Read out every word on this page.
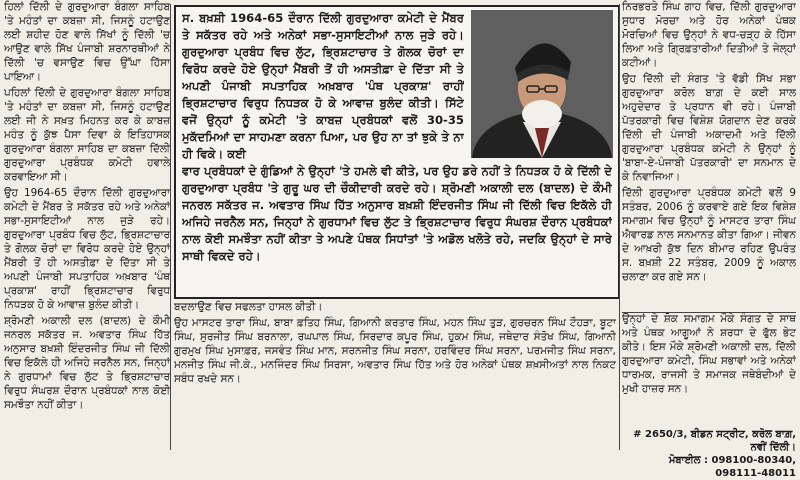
ਹਿਲਾਂ ਦਿੱਲੀ ਦੇ ਗੁਰਦੁਆਰਾ ਬੰਗਲਾ ਸਾਹਿਬ 'ਤੇ ਮਹੰਤਾਂ ਦਾ ਕਬਜ਼ਾ ਸੀ, ਜਿਸਨੂੰ ਹਟਾਉਣ ਲਈ ਸ਼ਹੀਦ ਹੋਣ ਵਾਲੇ ਸਿੱਖਾਂ ਨੂੰ ਦਿੱਲੀ 'ਚ ਆਉਣ ਵਾਲੇ ਸਿੱਖ ਪੰਜਾਬੀ ਸ਼ਰਨਾਰਥੀਆਂ ਨੇ ਦਿੱਲੀ 'ਚ ਵਸਾਉਣ ਵਿਚ ਉੱਘਾ ਹਿੱਸਾ ਪਾਇਆ।

ਪਹਿਲਾਂ ਦਿੱਲੀ ਦੇ ਗੁਰਦੁਆਰਾ ਬੰਗਲਾ ਸਾਹਿਬ 'ਤੇ ਮਹੰਤਾਂ ਦਾ ਕਬਜ਼ਾ ਸੀ, ਜਿਸਨੂੰ ਹਟਾਉਣ ਲਈ ਜੀ ਨੇ ਸਖ਼ਤ ਮਿਹਨਤ ਕਰ ਕੇ ਕਾਬਜ਼ ਮਹੰਤ ਨੂੰ ਕੁੱਝ ਪੈਸਾ ਦਿਵਾ ਕੇ ਇਤਿਹਾਸਕ ਗੁਰਦੁਆਰਾ ਬੰਗਲਾ ਸਾਹਿਬ ਦਾ ਕਬਜ਼ਾ ਦਿੱਲੀ ਗੁਰਦੁਆਰਾ ਪ੍ਰਬੰਧਕ ਕਮੇਟੀ ਹਵਾਲੇ ਕਰਵਾਇਆ ਸੀ।

ਉਹ 1964-65 ਦੌਰਾਨ ਦਿੱਲੀ ਗੁਰਦੁਆਰਾ ਕਮੇਟੀ ਦੇ ਮੈਂਬਰ ਤੇ ਸਕੱਤਰ ਰਹੇ ਅਤੇ ਅਨੇਕਾਂ ਸਭਾ-ਸੁਸਾਇਟੀਆਂ ਨਾਲ ਜੁੜੇ ਰਹੇ। ਗੁਰਦੁਆਰਾ ਪ੍ਰਬੰਧ ਵਿਚ ਲੁੱਟ, ਭ੍ਰਿਸ਼ਟਾਚਾਰ ਤੇ ਗੋਲਕ ਚੋਰਾਂ ਦਾ ਵਿਰੋਧ ਕਰਦੇ ਹੋਏ ਉਨ੍ਹਾਂ ਮੈਂਬਰੀ ਤੋਂ ਹੀ ਅਸਤੀਫ਼ਾ ਦੇ ਦਿੱਤਾ ਸੀ ਤੇ ਅਪਣੀ ਪੰਜਾਬੀ ਸਪਤਾਹਿਕ ਅਖ਼ਬਾਰ 'ਪੰਥ ਪ੍ਰਕਾਸ਼' ਰਾਹੀਂ ਭ੍ਰਿਸ਼ਟਾਚਾਰ ਵਿਰੁਧ ਨਿਧੜਕ ਹੋ ਕੇ ਆਵਾਜ਼ ਬੁਲੰਦ ਕੀਤੀ।

ਸ਼੍ਰੋਮਣੀ ਅਕਾਲੀ ਦਲ (ਬਾਦਲ) ਦੇ ਕੌਮੀ ਜਨਰਲ ਸਕੱਤਰ ਜ. ਅਵਤਾਰ ਸਿੰਘ ਹਿੱਤ ਅਨੁਸਾਰ ਬਖ਼ਸ਼ੀ ਇੰਦਰਜੀਤ ਸਿੰਘ ਜੀ ਦਿੱਲੀ ਵਿਚ ਇਕੱਲੇ ਹੀ ਅਜਿਹੇ ਜਰਨੈਲ ਸਨ, ਜਿਨ੍ਹਾਂ ਨੇ ਗੁਰਧਾਮਾਂ ਵਿਚ ਲੁੱਟ ਤੇ ਭ੍ਰਿਸ਼ਟਾਚਾਰ ਵਿਰੁਧ ਸੰਘਰਸ਼ ਦੌਰਾਨ ਪ੍ਰਬੰਧਕਾਂ ਨਾਲ ਕੋਈ ਸਮਝੌਤਾ ਨਹੀਂ ਕੀਤਾ।

ਸ. ਬਖ਼ਸ਼ੀ 1964-65 ਦੌਰਾਨ ਦਿੱਲੀ ਗੁਰਦੁਆਰਾ ਕਮੇਟੀ ਦੇ ਮੈਂਬਰ ਤੇ ਸਕੱਤਰ ਰਹੇ ਅਤੇ ਅਨੇਕਾਂ ਸਭਾ-ਸੁਸਾਇਟੀਆਂ ਨਾਲ ਜੁੜੇ ਰਹੇ। ਗੁਰਦੁਆਰਾ ਪ੍ਰਬੰਧ ਵਿਚ ਲੁੱਟ, ਭ੍ਰਿਸ਼ਟਾਚਾਰ ਤੇ ਗੋਲਕ ਚੋਰਾਂ ਦਾ ਵਿਰੋਧ ਕਰਦੇ ਹੋਏ ਉਨ੍ਹਾਂ ਮੈਂਬਰੀ ਤੋਂ ਹੀ ਅਸਤੀਫ਼ਾ ਦੇ ਦਿੱਤਾ ਸੀ ਤੇ ਅਪਣੀ ਪੰਜਾਬੀ ਸਪਤਾਹਿਕ ਅਖ਼ਬਾਰ 'ਪੰਥ ਪ੍ਰਕਾਸ਼' ਰਾਹੀਂ ਭ੍ਰਿਸ਼ਟਾਚਾਰ ਵਿਰੁਧ ਨਿਧੜਕ ਹੋ ਕੇ ਆਵਾਜ਼ ਬੁਲੰਦ ਕੀਤੀ। ਸਿੱਟੇ ਵਜੋਂ ਉਨ੍ਹਾਂ ਨੂੰ ਕਮੇਟੀ 'ਤੇ ਕਾਬਜ਼ ਪ੍ਰਬੰਧਕਾਂ ਵਲੋਂ 30-35 ਮੁਕੱਦਮਿਆਂ ਦਾ ਸਾਹਮਣਾ ਕਰਨਾ ਪਿਆ, ਪਰ ਉਹ ਨਾ ਤਾਂ ਝੁਕੇ ਤੇ ਨਾ ਹੀ ਵਿਕੇ। ਕਈ
ਵਾਰ ਪ੍ਰਬੰਧਕਾਂ ਦੇ ਗੁੰਡਿਆਂ ਨੇ ਉਨ੍ਹਾਂ 'ਤੇ ਹਮਲੇ ਵੀ ਕੀਤੇ, ਪਰ ਉਹ ਡਰੇ ਨਹੀਂ ਤੇ ਨਿਧੜਕ ਹੋ ਕੇ ਦਿੱਲੀ ਦੇ ਗੁਰਦੁਆਰਾ ਪ੍ਰਬੰਧ 'ਤੇ ਗੁਰੂ ਘਰ ਦੀ ਚੌਕੀਦਾਰੀ ਕਰਦੇ ਰਹੇ। ਸ਼੍ਰੋਮਣੀ ਅਕਾਲੀ ਦਲ (ਬਾਦਲ) ਦੇ ਕੌਮੀ ਜਨਰਲ ਸਕੱਤਰ ਜ. ਅਵਤਾਰ ਸਿੰਘ ਹਿੱਤ ਅਨੁਸਾਰ ਬਖ਼ਸ਼ੀ ਇੰਦਰਜੀਤ ਸਿੰਘ ਜੀ ਦਿੱਲੀ ਵਿਚ ਇਕੱਲੇ ਹੀ ਅਜਿਹੇ ਜਰਨੈਲ ਸਨ, ਜਿਨ੍ਹਾਂ ਨੇ ਗੁਰਧਾਮਾਂ ਵਿਚ ਲੁੱਟ ਤੇ ਭ੍ਰਿਸ਼ਟਾਚਾਰ ਵਿਰੁਧ ਸੰਘਰਸ਼ ਦੌਰਾਨ ਪ੍ਰਬੰਧਕਾਂ ਨਾਲ ਕੋਈ ਸਮਝੌਤਾ ਨਹੀਂ ਕੀਤਾ ਤੇ ਅਪਣੇ ਪੰਥਕ ਸਿਧਾਂਤਾਂ 'ਤੇ ਅਡੋਲ ਖਲੋਤੇ ਰਹੇ, ਜਦਕਿ ਉਨ੍ਹਾਂ ਦੇ ਸਾਰੇ ਸਾਥੀ ਵਿਕਦੇ ਰਹੇ।

ਬਦਲਾਉਣ ਵਿਚ ਸਫਲਤਾ ਹਾਸਲ ਕੀਤੀ।

ਉਹ ਮਾਸਟਰ ਤਾਰਾ ਸਿੰਘ, ਬਾਬਾ ਫ਼ਤਿਹ ਸਿੰਘ, ਗਿਆਨੀ ਕਰਤਾਰ ਸਿੰਘ, ਮਹਨ ਸਿੰਘ ਤੁੜ, ਗੁਰਚਰਨ ਸਿੰਘ ਟੌਹੜਾ, ਬੂਟਾ ਸਿੰਘ, ਸੁਰਜੀਤ ਸਿੰਘ ਬਰਨਾਲਾ, ਰਘਪਾਲ ਸਿੰਘ, ਸਿਰਦਾਰ ਕਪੂਰ ਸਿੰਘ, ਹੁਕਮ ਸਿੰਘ, ਜਥੇਦਾਰ ਸੰਤੋਖ ਸਿੰਘ, ਗਿਆਨੀ ਗੁਰਮੁਖ ਸਿੰਘ ਮੁਸਾਫ਼ਰ, ਜਸਵੰਤ ਸਿੰਘ ਮਾਨ, ਸਰਨਜੀਤ ਸਿੰਘ ਸਰਨਾ, ਹਰਵਿੰਦਰ ਸਿੰਘ ਸਰਨਾ, ਪਰਮਜੀਤ ਸਿੰਘ ਸਰਨਾ, ਮਨਜੀਤ ਸਿੰਘ ਜੀ.ਕੇ., ਮਨਜਿੰਦਰ ਸਿੰਘ ਸਿਰਸਾ, ਅਵਤਾਰ ਸਿੰਘ ਹਿੱਤ ਅਤੇ ਹੋਰ ਅਨੇਕਾਂ ਪੰਥਕ ਸ਼ਖ਼ਸੀਅਤਾਂ ਨਾਲ ਨਿਕਟ ਸਬੰਧ ਰਖਦੇ ਸਨ।

ਨਿਰਭਰਤੇ ਸਿੰਘ ਗਾਹ ਵਿਚ, ਦਿੱਲੀ ਗੁਰਦੁਆਰਾ ਸੁਧਾਰ ਮੋਰਚਾ ਅਤੇ ਹੋਰ ਅਨੇਕਾਂ ਪੰਥਕ ਮੋਰਚਿਆਂ ਵਿਚ ਉਨ੍ਹਾਂ ਨੇ ਵਧ-ਚੜ੍ਹ ਕੇ ਹਿੱਸਾ ਲਿਆ ਅਤੇ ਗ੍ਰਿਫ਼ਤਾਰੀਆਂ ਦਿਤੀਆਂ ਤੇ ਜੇਲ੍ਹਾਂ ਕਟੀਆਂ।

ਉਹ ਦਿੱਲੀ ਦੀ ਸੰਗਤ 'ਤੇ ਵੱਡੀ ਸਿੱਖ ਸਭਾ ਗੁਰਦੁਆਰਾ ਕਰੋਲ ਬਾਗ਼ ਦੇ ਕਈ ਸਾਲ ਅਹੁਦੇਦਾਰ ਤੇ ਪ੍ਰਧਾਨ ਵੀ ਰਹੇ। ਪੰਜਾਬੀ ਪੱਤਰਕਾਰੀ ਵਿਚ ਵਿਸ਼ੇਸ਼ ਯੋਗਦਾਨ ਦੇਣ ਕਰਕੇ ਦਿੱਲੀ ਦੀ ਪੰਜਾਬੀ ਅਕਾਦਮੀ ਅਤੇ ਦਿੱਲੀ ਗੁਰਦੁਆਰਾ ਪ੍ਰਬੰਧਕ ਕਮੇਟੀ ਨੇ ਉਨ੍ਹਾਂ ਨੂੰ 'ਬਾਬਾ-ਏ-ਪੰਜਾਬੀ ਪੱਤਰਕਾਰੀ' ਦਾ ਸਨਮਾਨ ਦੇ ਕੇ ਨਿਵਾਜਿਆ।

ਦਿੱਲੀ ਗੁਰਦੁਆਰਾ ਪ੍ਰਬੰਧਕ ਕਮੇਟੀ ਵਲੋਂ 9 ਸਤੰਬਰ, 2006 ਨੂੰ ਕਰਵਾਏ ਗਏ ਇਕ ਵਿਸ਼ੇਸ਼ ਸਮਾਗਮ ਵਿਚ ਉਨ੍ਹਾਂ ਨੂੰ ਮਾਸਟਰ ਤਾਰਾ ਸਿੰਘ ਐਵਾਰਡ ਨਾਲ ਸਨਮਾਨਤ ਕੀਤਾ ਗਿਆ। ਜੀਵਨ ਦੇ ਆਖ਼ਰੀ ਕੁੱਝ ਦਿਨ ਬੀਮਾਰ ਰਹਿਣ ਉਪਰੰਤ ਸ. ਬਖ਼ਸ਼ੀ 22 ਸਤੰਬਰ, 2009 ਨੂੰ ਅਕਾਲ ਚਲਾਣਾ ਕਰ ਗਏ ਸਨ।

ਉਨ੍ਹਾਂ ਦੇ ਸ਼ੋਕ ਸਮਾਗਮ ਮੌਕੇ ਸੰਗਤ ਦੇ ਸਾਥ ਅਤੇ ਪੰਥਕ ਆਗੂਆਂ ਨੇ ਸ਼ਰਧਾ ਦੇ ਫੁੱਲ ਭੇਟ ਕੀਤੇ। ਇਸ ਮੌਕੇ ਸ਼੍ਰੋਮਣੀ ਅਕਾਲੀ ਦਲ, ਦਿੱਲੀ ਗੁਰਦੁਆਰਾ ਕਮੇਟੀ, ਸਿੰਘ ਸਭਾਵਾਂ ਅਤੇ ਅਨੇਕਾਂ ਧਾਰਮਕ, ਰਾਜਸੀ ਤੇ ਸਮਾਜਕ ਜਥੇਬੰਦੀਆਂ ਦੇ ਮੁਖੀ ਹਾਜ਼ਰ ਸਨ।

# 2650/3, ਬੀਡਨ ਸਟ੍ਰੀਟ, ਕਰੋਲ ਬਾਗ਼, ਨਵੀਂ ਦਿੱਲੀ।
ਮੋਬਾਈਲ : 098100-80340, 098111-48011
